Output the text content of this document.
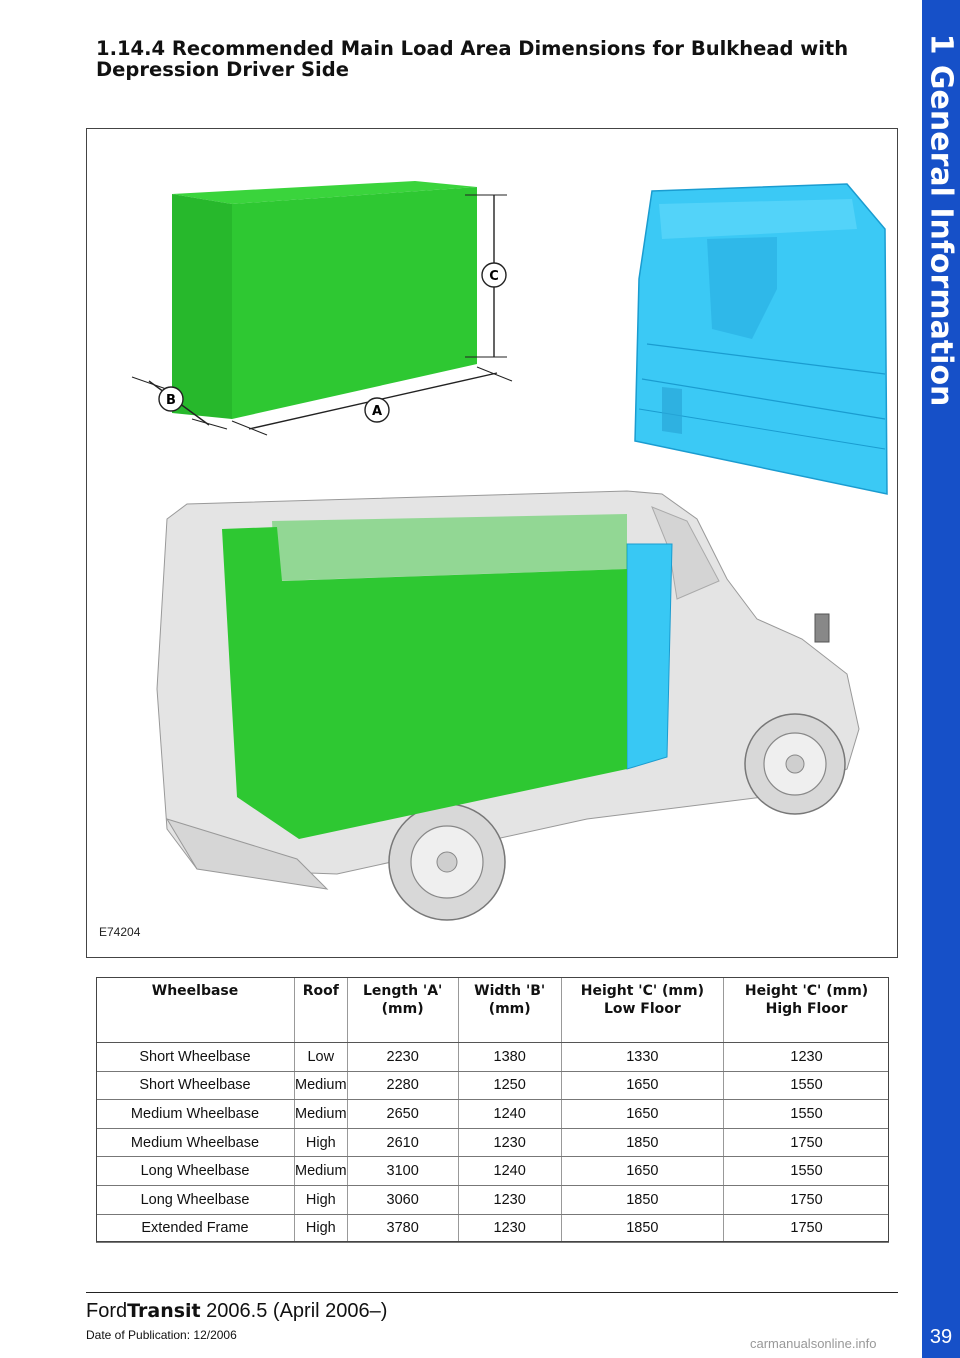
1.14.4 Recommended Main Load Area Dimensions for Bulkhead with Depression Driver Side	1 General Information
39
C
B
A
E74204
Wheelbase	Roof	Length 'A' (mm)	Width 'B' (mm)	Height 'C' (mm) Low Floor	Height 'C' (mm) High Floor
Short Wheelbase	Low	2230	1380	1330	1230
Short Wheelbase	Medium	2280	1250	1650	1550
Medium Wheelbase	Medium	2650	1240	1650	1550
Medium Wheelbase	High	2610	1230	1850	1750
Long Wheelbase	Medium	3100	1240	1650	1550
Long Wheelbase	High	3060	1230	1850	1750
Extended Frame	High	3780	1230	1850	1750
FordTransit 2006.5 (April 2006–)
Date of Publication: 12/2006
carmanualsonline.info
